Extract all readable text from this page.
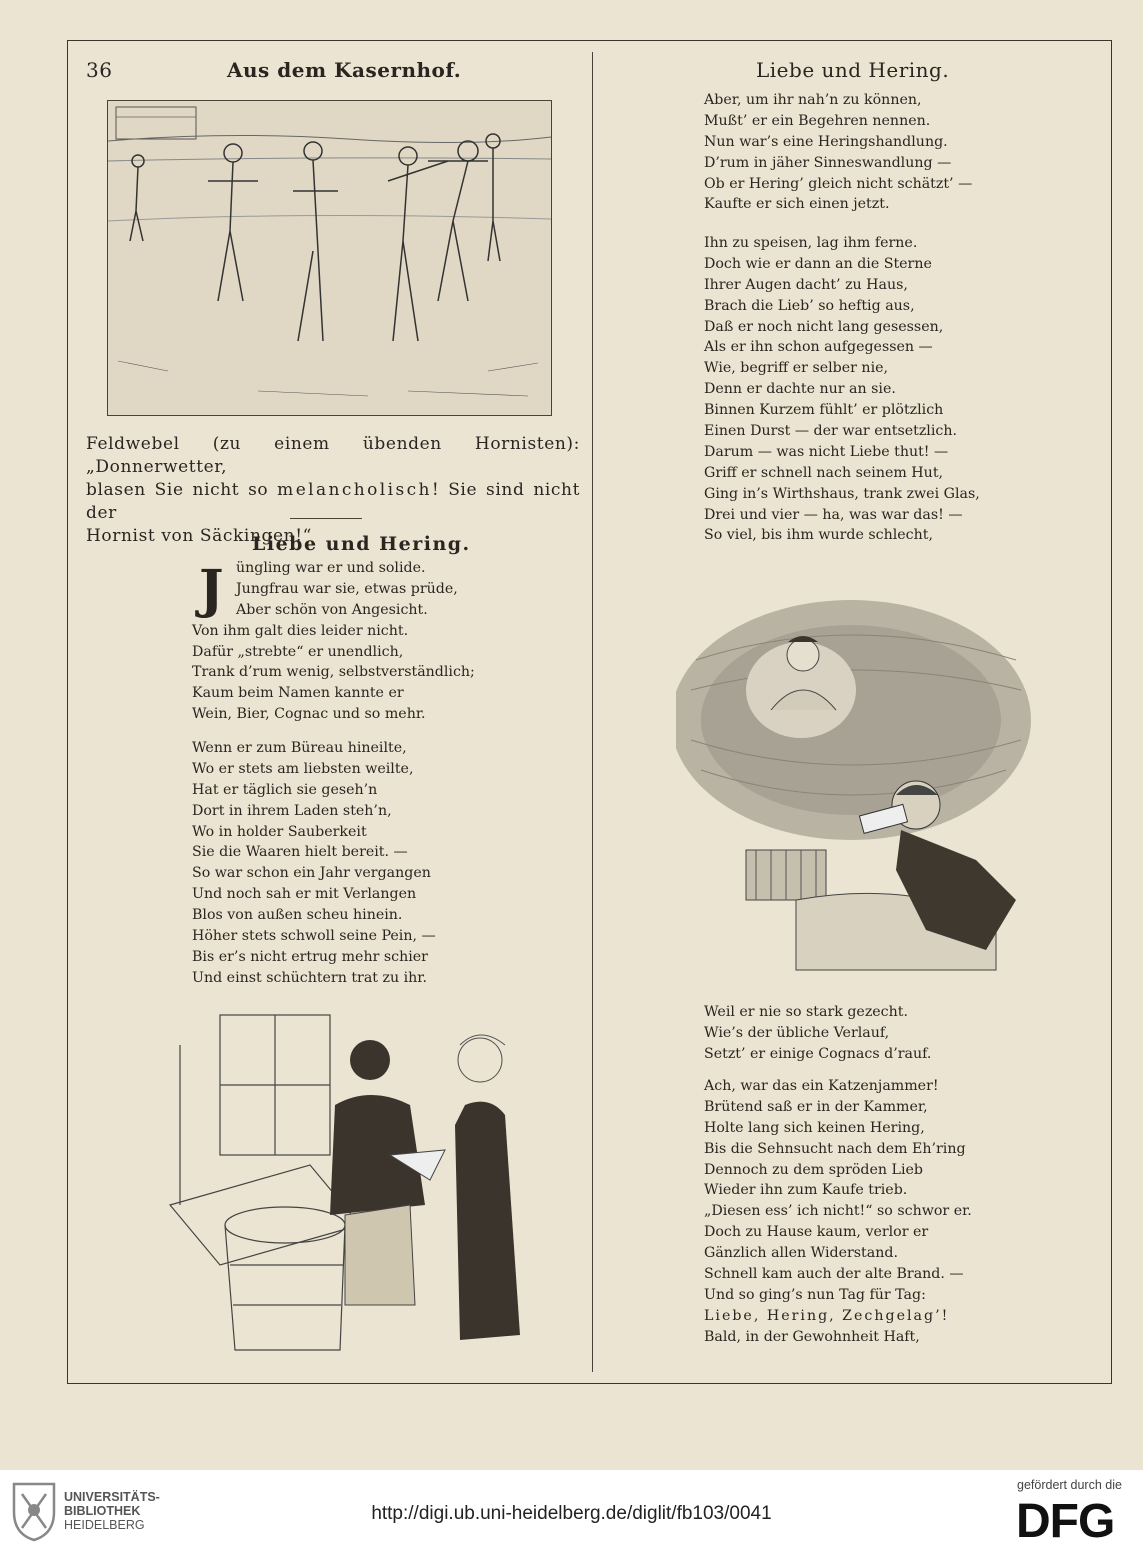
36	Aus dem Kasernhof.	Liebe und Hering.
Feldwebel (zu einem übenden Hornisten): „Donnerwetter,
blasen Sie nicht so melancholisch! Sie sind nicht der
Hornist von Säckingen!“
Liebe und Hering.
J üngling war er und solide.
Jungfrau war sie, etwas prüde,
Aber schön von Angesicht.
Von ihm galt dies leider nicht.
Dafür „strebte“ er unendlich,
Trank d’rum wenig, selbstverständlich;
Kaum beim Namen kannte er
Wein, Bier, Cognac und so mehr.
Wenn er zum Büreau hineilte,
Wo er stets am liebsten weilte,
Hat er täglich sie geseh’n
Dort in ihrem Laden steh’n,
Wo in holder Sauberkeit
Sie die Waaren hielt bereit. —
So war schon ein Jahr vergangen
Und noch sah er mit Verlangen
Blos von außen scheu hinein.
Höher stets schwoll seine Pein, —
Bis er’s nicht ertrug mehr schier
Und einst schüchtern trat zu ihr.
Aber, um ihr nah’n zu können,
Mußt’ er ein Begehren nennen.
Nun war’s eine Heringshandlung.
D’rum in jäher Sinneswandlung —
Ob er Hering’ gleich nicht schätzt’ —
Kaufte er sich einen jetzt.
Ihn zu speisen, lag ihm ferne.
Doch wie er dann an die Sterne
Ihrer Augen dacht’ zu Haus,
Brach die Lieb’ so heftig aus,
Daß er noch nicht lang gesessen,
Als er ihn schon aufgegessen —
Wie, begriff er selber nie,
Denn er dachte nur an sie.
Binnen Kurzem fühlt’ er plötzlich
Einen Durst — der war entsetzlich.
Darum — was nicht Liebe thut! —
Griff er schnell nach seinem Hut,
Ging in’s Wirthshaus, trank zwei Glas,
Drei und vier — ha, was war das! —
So viel, bis ihm wurde schlecht,
Weil er nie so stark gezecht.
Wie’s der übliche Verlauf,
Setzt’ er einige Cognacs d’rauf.
Ach, war das ein Katzenjammer!
Brütend saß er in der Kammer,
Holte lang sich keinen Hering,
Bis die Sehnsucht nach dem Eh’ring
Dennoch zu dem spröden Lieb
Wieder ihn zum Kaufe trieb.
„Diesen ess’ ich nicht!“ so schwor er.
Doch zu Hause kaum, verlor er
Gänzlich allen Widerstand.
Schnell kam auch der alte Brand. —
Und so ging’s nun Tag für Tag:
Liebe, Hering, Zechgelag’!
Bald, in der Gewohnheit Haft,
UNIVERSITÄTS-
BIBLIOTHEK
HEIDELBERG
http://digi.ub.uni-heidelberg.de/diglit/fb103/0041
gefördert durch die
DFG
